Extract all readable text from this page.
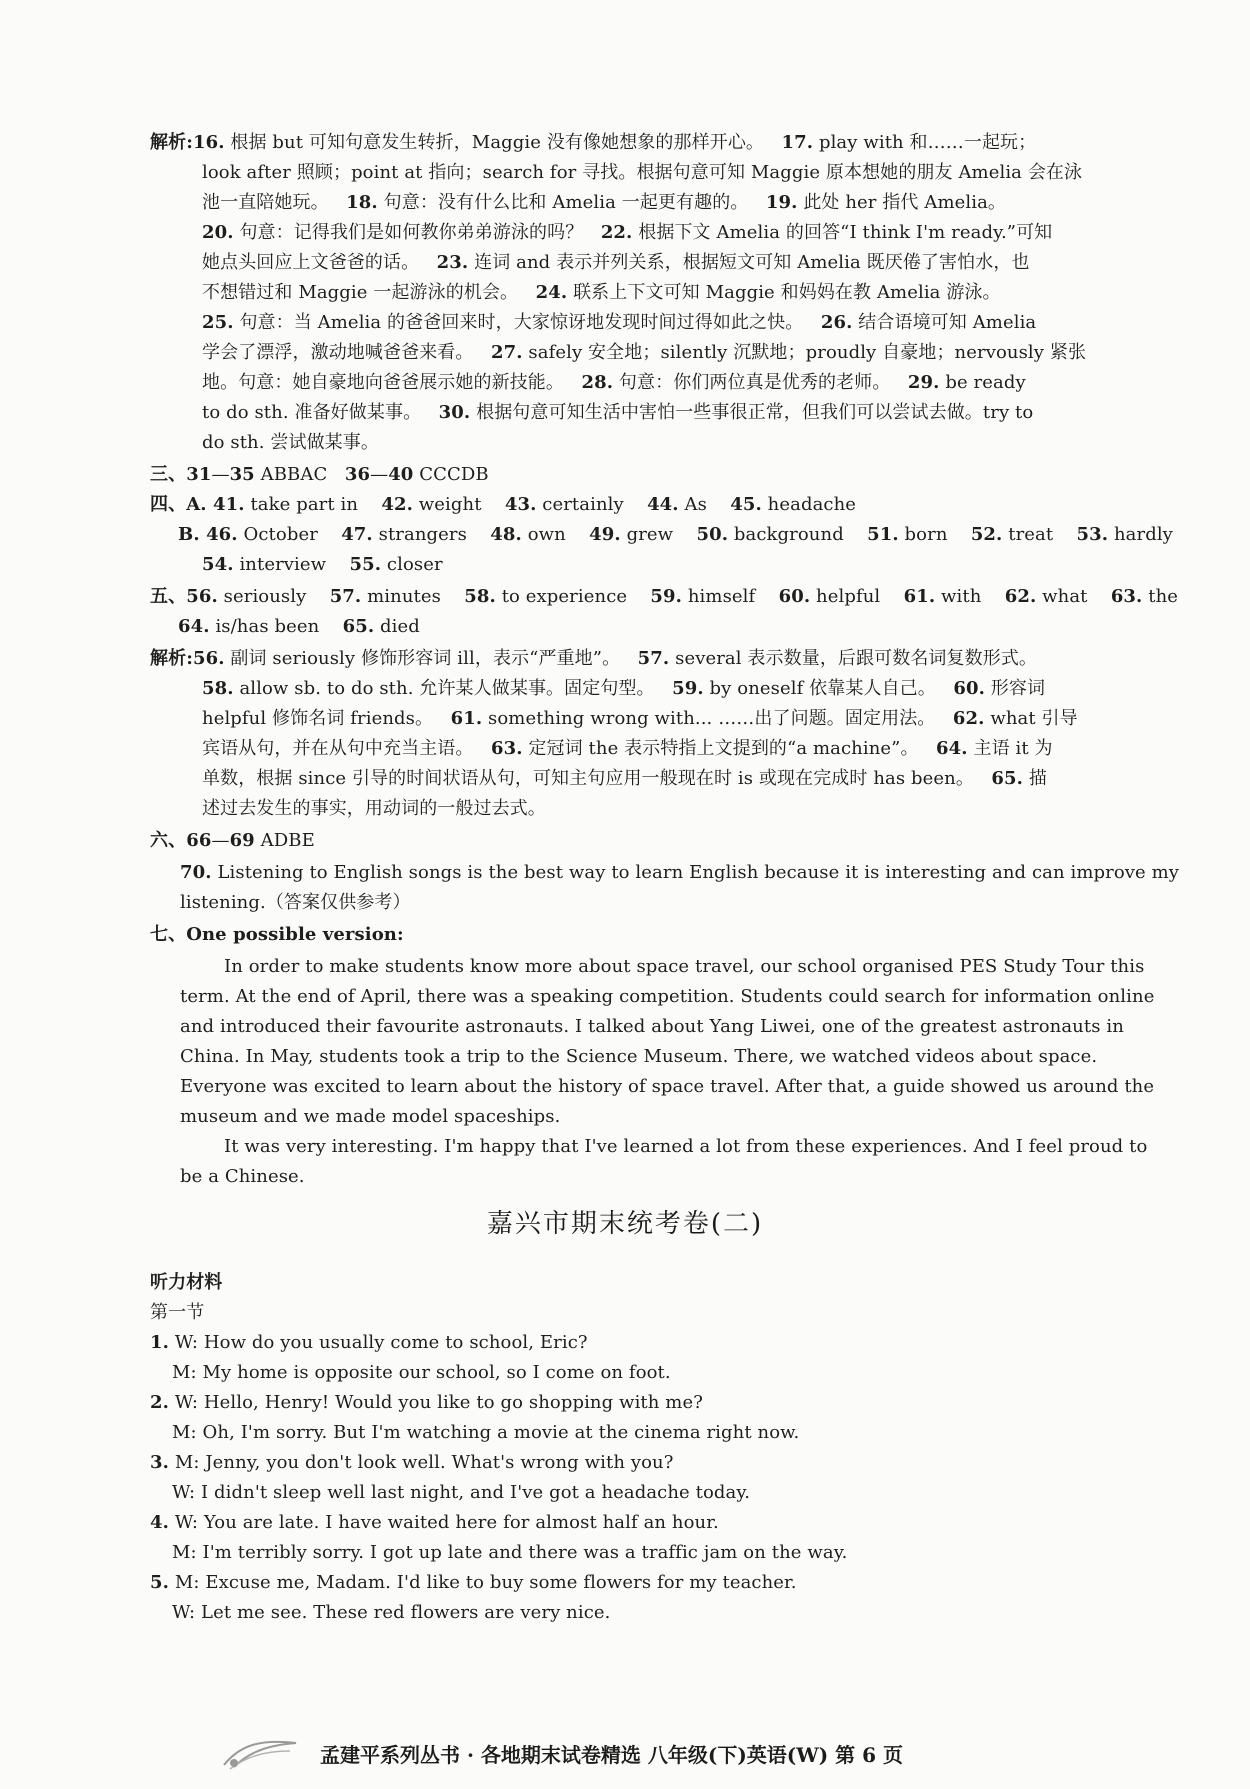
解析:16. 根据 but 可知句意发生转折，Maggie 没有像她想象的那样开心。   17. play with 和……一起玩；
look after 照顾；point at 指向；search for 寻找。根据句意可知 Maggie 原本想她的朋友 Amelia 会在泳
池一直陪她玩。   18. 句意：没有什么比和 Amelia 一起更有趣的。   19. 此处 her 指代 Amelia。
20. 句意：记得我们是如何教你弟弟游泳的吗？   22. 根据下文 Amelia 的回答“I think I'm ready.”可知
她点头回应上文爸爸的话。   23. 连词 and 表示并列关系，根据短文可知 Amelia 既厌倦了害怕水，也
不想错过和 Maggie 一起游泳的机会。   24. 联系上下文可知 Maggie 和妈妈在教 Amelia 游泳。
25. 句意：当 Amelia 的爸爸回来时，大家惊讶地发现时间过得如此之快。   26. 结合语境可知 Amelia
学会了漂浮，激动地喊爸爸来看。   27. safely 安全地；silently 沉默地；proudly 自豪地；nervously 紧张
地。句意：她自豪地向爸爸展示她的新技能。   28. 句意：你们两位真是优秀的老师。   29. be ready
to do sth. 准备好做某事。   30. 根据句意可知生活中害怕一些事很正常，但我们可以尝试去做。try to
do sth. 尝试做某事。
三、31—35 ABBAC   36—40 CCCDB
四、A. 41. take part in    42. weight    43. certainly    44. As    45. headache
B. 46. October    47. strangers    48. own    49. grew    50. background    51. born    52. treat    53. hardly
54. interview    55. closer
五、56. seriously    57. minutes    58. to experience    59. himself    60. helpful    61. with    62. what    63. the
64. is/has been    65. died
解析:56. 副词 seriously 修饰形容词 ill，表示“严重地”。   57. several 表示数量，后跟可数名词复数形式。
58. allow sb. to do sth. 允许某人做某事。固定句型。   59. by oneself 依靠某人自己。   60. 形容词
helpful 修饰名词 friends。   61. something wrong with... ……出了问题。固定用法。   62. what 引导
宾语从句，并在从句中充当主语。   63. 定冠词 the 表示特指上文提到的“a machine”。   64. 主语 it 为
单数，根据 since 引导的时间状语从句，可知主句应用一般现在时 is 或现在完成时 has been。   65. 描
述过去发生的事实，用动词的一般过去式。
六、66—69 ADBE
70. Listening to English songs is the best way to learn English because it is interesting and can improve my
listening.（答案仅供参考）
七、One possible version:
In order to make students know more about space travel, our school organised PES Study Tour this
term. At the end of April, there was a speaking competition. Students could search for information online
and introduced their favourite astronauts. I talked about Yang Liwei, one of the greatest astronauts in
China. In May, students took a trip to the Science Museum. There, we watched videos about space.
Everyone was excited to learn about the history of space travel. After that, a guide showed us around the
museum and we made model spaceships.
It was very interesting. I'm happy that I've learned a lot from these experiences. And I feel proud to
be a Chinese.
听力材料
第一节
1. W: How do you usually come to school, Eric?
M: My home is opposite our school, so I come on foot.
2. W: Hello, Henry! Would you like to go shopping with me?
M: Oh, I'm sorry. But I'm watching a movie at the cinema right now.
3. M: Jenny, you don't look well. What's wrong with you?
W: I didn't sleep well last night, and I've got a headache today.
4. W: You are late. I have waited here for almost half an hour.
M: I'm terribly sorry. I got up late and there was a traffic jam on the way.
5. M: Excuse me, Madam. I'd like to buy some flowers for my teacher.
W: Let me see. These red flowers are very nice.
嘉兴市期末统考卷(二)
孟建平系列丛书 · 各地期末试卷精选 八年级(下)英语(W) 第 6 页
